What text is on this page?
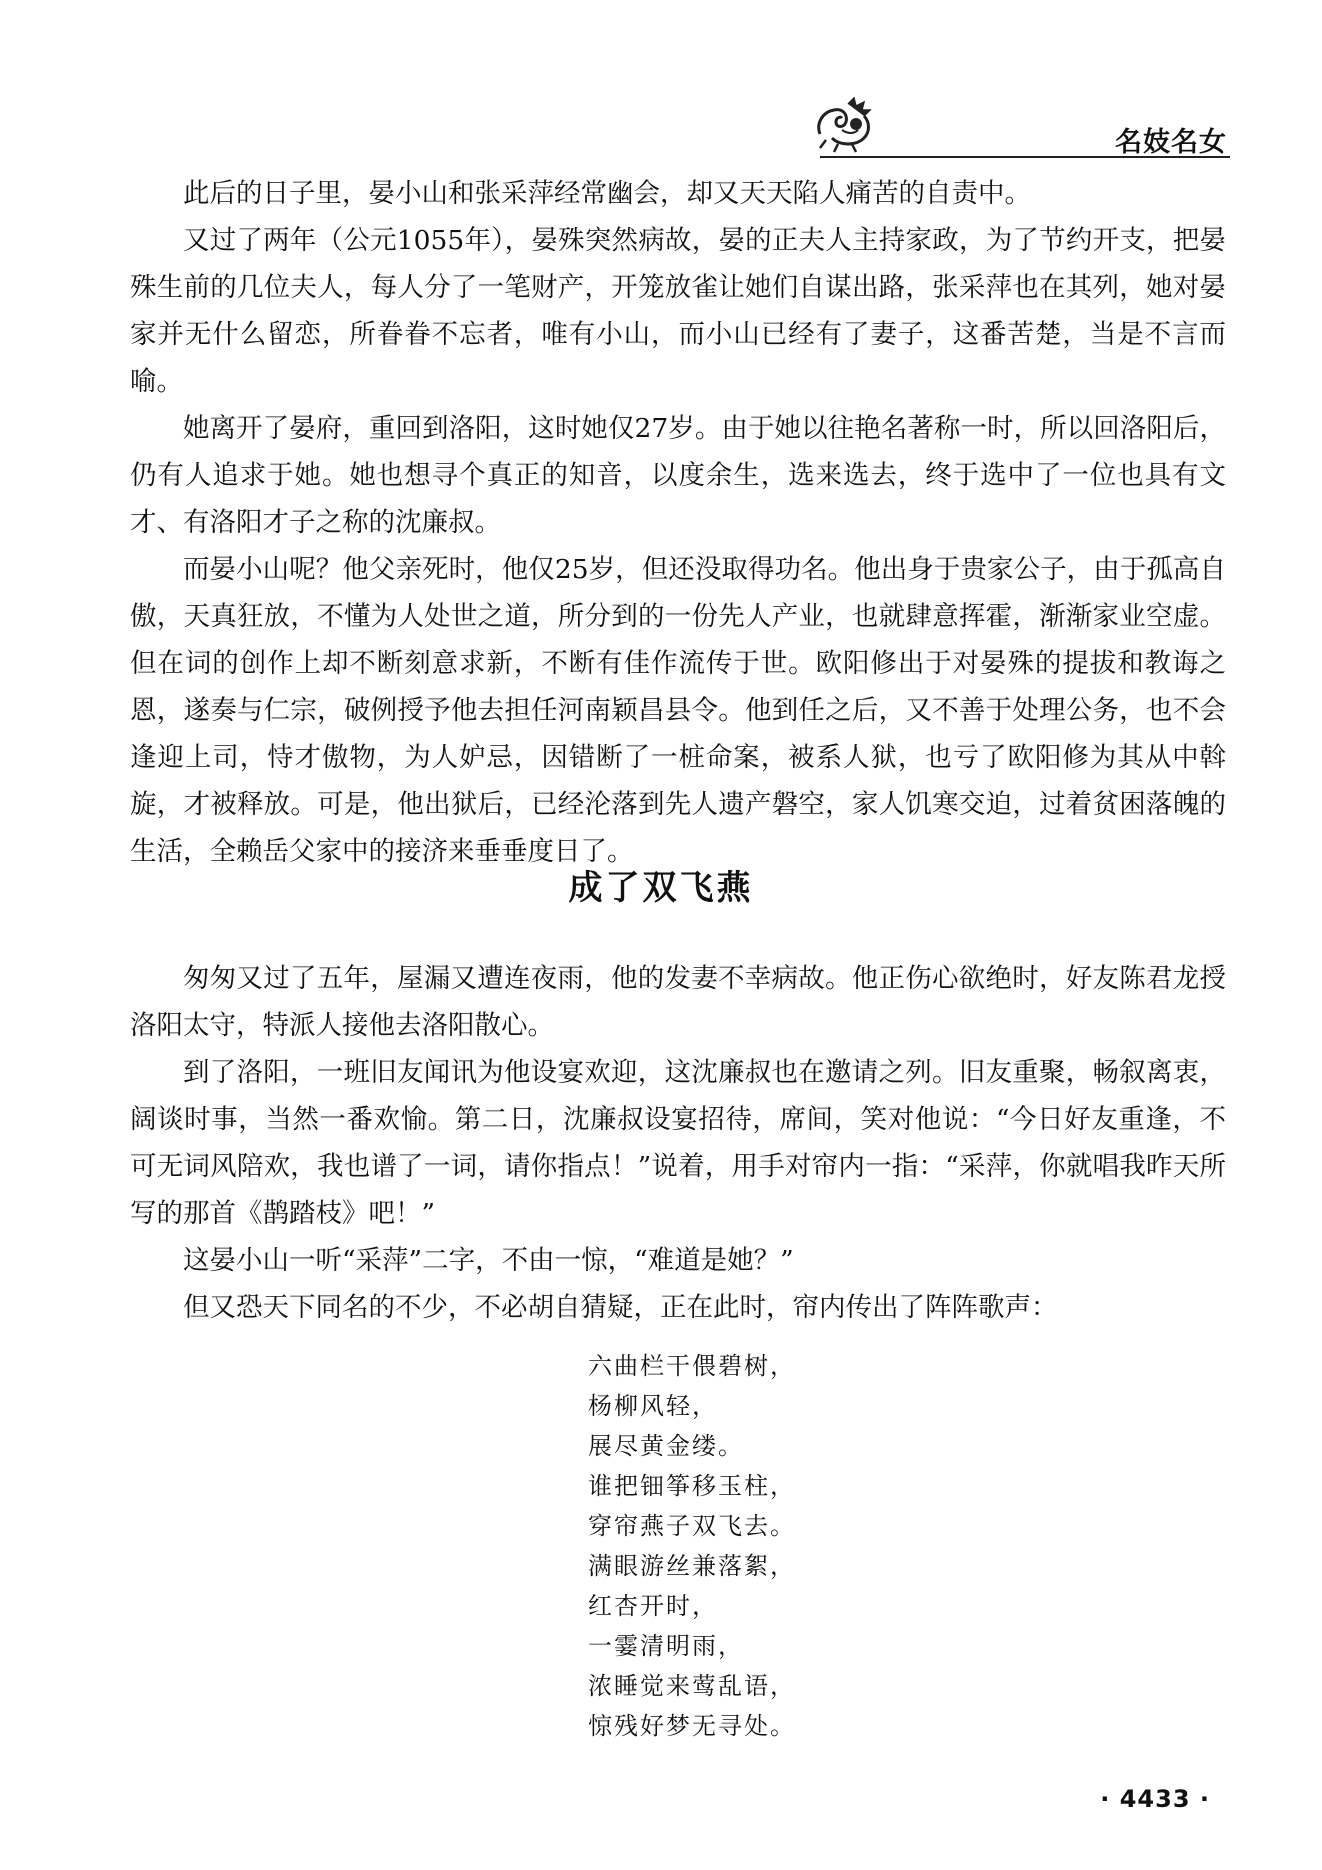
名妓名女

此后的日子里，晏小山和张采萍经常幽会，却又天天陷人痛苦的自责中。

又过了两年（公元1055年），晏殊突然病故，晏的正夫人主持家政，为了节约开支，把晏殊生前的几位夫人，每人分了一笔财产，开笼放雀让她们自谋出路，张采萍也在其列，她对晏家并无什么留恋，所眷眷不忘者，唯有小山，而小山已经有了妻子，这番苦楚，当是不言而喻。

她离开了晏府，重回到洛阳，这时她仅27岁。由于她以往艳名著称一时，所以回洛阳后，仍有人追求于她。她也想寻个真正的知音，以度余生，选来选去，终于选中了一位也具有文才、有洛阳才子之称的沈廉叔。

而晏小山呢？他父亲死时，他仅25岁，但还没取得功名。他出身于贵家公子，由于孤高自傲，天真狂放，不懂为人处世之道，所分到的一份先人产业，也就肆意挥霍，渐渐家业空虚。但在词的创作上却不断刻意求新，不断有佳作流传于世。欧阳修出于对晏殊的提拔和教诲之恩，遂奏与仁宗，破例授予他去担任河南颖昌县令。他到任之后，又不善于处理公务，也不会逢迎上司，恃才傲物，为人妒忌，因错断了一桩命案，被系人狱，也亏了欧阳修为其从中斡旋，才被释放。可是，他出狱后，已经沦落到先人遗产磐空，家人饥寒交迫，过着贫困落魄的生活，全赖岳父家中的接济来垂垂度日了。

成了双飞燕

匆匆又过了五年，屋漏又遭连夜雨，他的发妻不幸病故。他正伤心欲绝时，好友陈君龙授洛阳太守，特派人接他去洛阳散心。

到了洛阳，一班旧友闻讯为他设宴欢迎，这沈廉叔也在邀请之列。旧友重聚，畅叙离衷，阔谈时事，当然一番欢愉。第二日，沈廉叔设宴招待，席间，笑对他说：“今日好友重逢，不可无词风陪欢，我也谱了一词，请你指点！”说着，用手对帘内一指：“采萍，你就唱我昨天所写的那首《鹊踏枝》吧！”

这晏小山一听“采萍”二字，不由一惊，“难道是她？”

但又恐天下同名的不少，不必胡自猜疑，正在此时，帘内传出了阵阵歌声：

六曲栏干偎碧树，
杨柳风轻，
展尽黄金缕。
谁把钿筝移玉柱，
穿帘燕子双飞去。
满眼游丝兼落絮，
红杏开时，
一霎清明雨，
浓睡觉来莺乱语，
惊残好梦无寻处。
· 4433 ·
